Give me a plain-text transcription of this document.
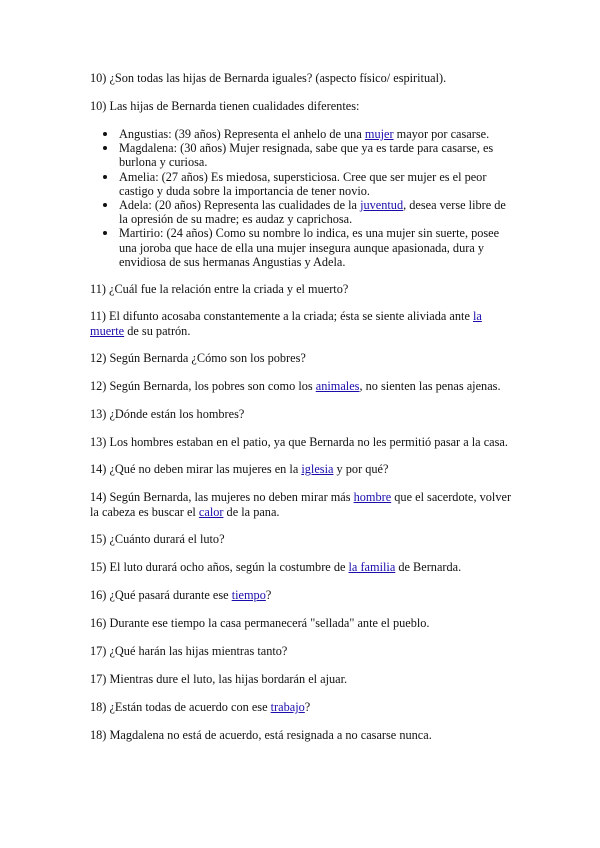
10) ¿Son todas las hijas de Bernarda iguales? (aspecto físico/ espiritual).

10) Las hijas de Bernarda tienen cualidades diferentes:

Angustias: (39 años) Representa el anhelo de una mujer mayor por casarse.
Magdalena: (30 años) Mujer resignada, sabe que ya es tarde para casarse, es burlona y curiosa.
Amelia: (27 años) Es miedosa, supersticiosa. Cree que ser mujer es el peor castigo y duda sobre la importancia de tener novio.
Adela: (20 años) Representa las cualidades de la juventud, desea verse libre de la opresión de su madre; es audaz y caprichosa.
Martirio: (24 años) Como su nombre lo indica, es una mujer sin suerte, posee una joroba que hace de ella una mujer insegura aunque apasionada, dura y envidiosa de sus hermanas Angustias y Adela.

11) ¿Cuál fue la relación entre la criada y el muerto?

11) El difunto acosaba constantemente a la criada; ésta se siente aliviada ante la muerte de su patrón.

12) Según Bernarda ¿Cómo son los pobres?

12) Según Bernarda, los pobres son como los animales, no sienten las penas ajenas.

13) ¿Dónde están los hombres?

13) Los hombres estaban en el patio, ya que Bernarda no les permitió pasar a la casa.

14) ¿Qué no deben mirar las mujeres en la iglesia y por qué?

14) Según Bernarda, las mujeres no deben mirar más hombre que el sacerdote, volver la cabeza es buscar el calor de la pana.

15) ¿Cuánto durará el luto?

15) El luto durará ocho años, según la costumbre de la familia de Bernarda.

16) ¿Qué pasará durante ese tiempo?

16) Durante ese tiempo la casa permanecerá "sellada" ante el pueblo.

17) ¿Qué harán las hijas mientras tanto?

17) Mientras dure el luto, las hijas bordarán el ajuar.

18) ¿Están todas de acuerdo con ese trabajo?

18) Magdalena no está de acuerdo, está resignada a no casarse nunca.
